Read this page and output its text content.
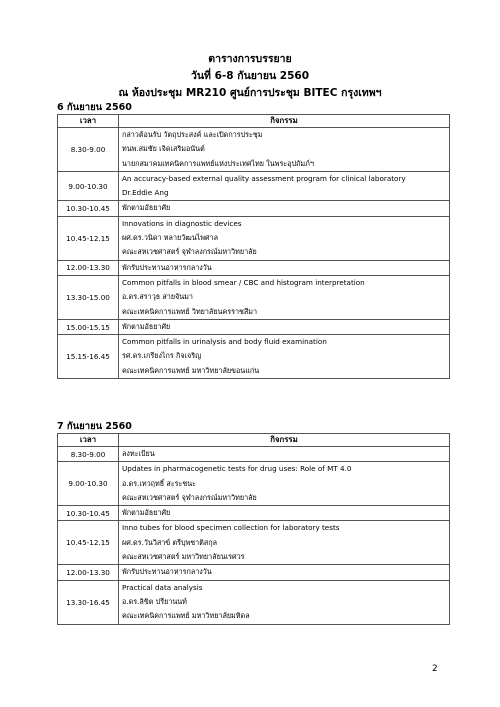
ตารางการบรรยาย
วันที่ 6-8 กันยายน 2560
ณ ห้องประชุม MR210 ศูนย์การประชุม BITEC กรุงเทพฯ
6 กันยายน 2560
เวลา	กิจกรรม
8.30-9.00	กล่าวต้อนรับ วัตถุประสงค์ และเปิดการประชุม
ทนพ.สมชัย เจิดเสริมอนันต์
นายกสมาคมเทคนิคการแพทย์แห่งประเทศไทย ในพระอุปถัมภ์ฯ

9.00-10.30	An accuracy-based external quality assessment program for clinical laboratory
Dr.Eddie Ang

10.30-10.45	พักตามอัธยาศัย

10.45-12.15	Innovations in diagnostic devices
ผศ.ดร.วนิดา หลายวัฒนไพศาล
คณะสหเวชศาสตร์ จุฬาลงกรณ์มหาวิทยาลัย

12.00-13.30	พักรับประทานอาหารกลางวัน

13.30-15.00	Common pitfalls in blood smear / CBC and histogram interpretation
อ.ดร.สราวุธ สายจันมา
คณะเทคนิคการแพทย์ วิทยาลัยนครราชสีมา

15.00-15.15	พักตามอัธยาศัย

15.15-16.45	Common pitfalls in urinalysis and body fluid examination
รศ.ดร.เกรียงไกร กิจเจริญ
คณะเทคนิคการแพทย์ มหาวิทยาลัยขอนแก่น
7 กันยายน 2560
เวลา	กิจกรรม
8.30-9.00	ลงทะเบียน

9.00-10.30	Updates in pharmacogenetic tests for drug uses: Role of MT 4.0
อ.ดร.เทวฤทธิ์ สะระชนะ
คณะสหเวชศาสตร์ จุฬาลงกรณ์มหาวิทยาลัย

10.30-10.45	พักตามอัธยาศัย

10.45-12.15	Inno tubes for blood specimen collection for laboratory tests
ผศ.ดร.วันวิสาข์ ตรีบุพชาติสกุล
คณะสหเวชศาสตร์ มหาวิทยาลัยนเรศวร

12.00-13.30	พักรับประทานอาหารกลางวัน

13.30-16.45	Practical data analysis
อ.ดร.ลิขิต ปรียานนท์
คณะเทคนิคการแพทย์ มหาวิทยาลัยมหิดล
2
